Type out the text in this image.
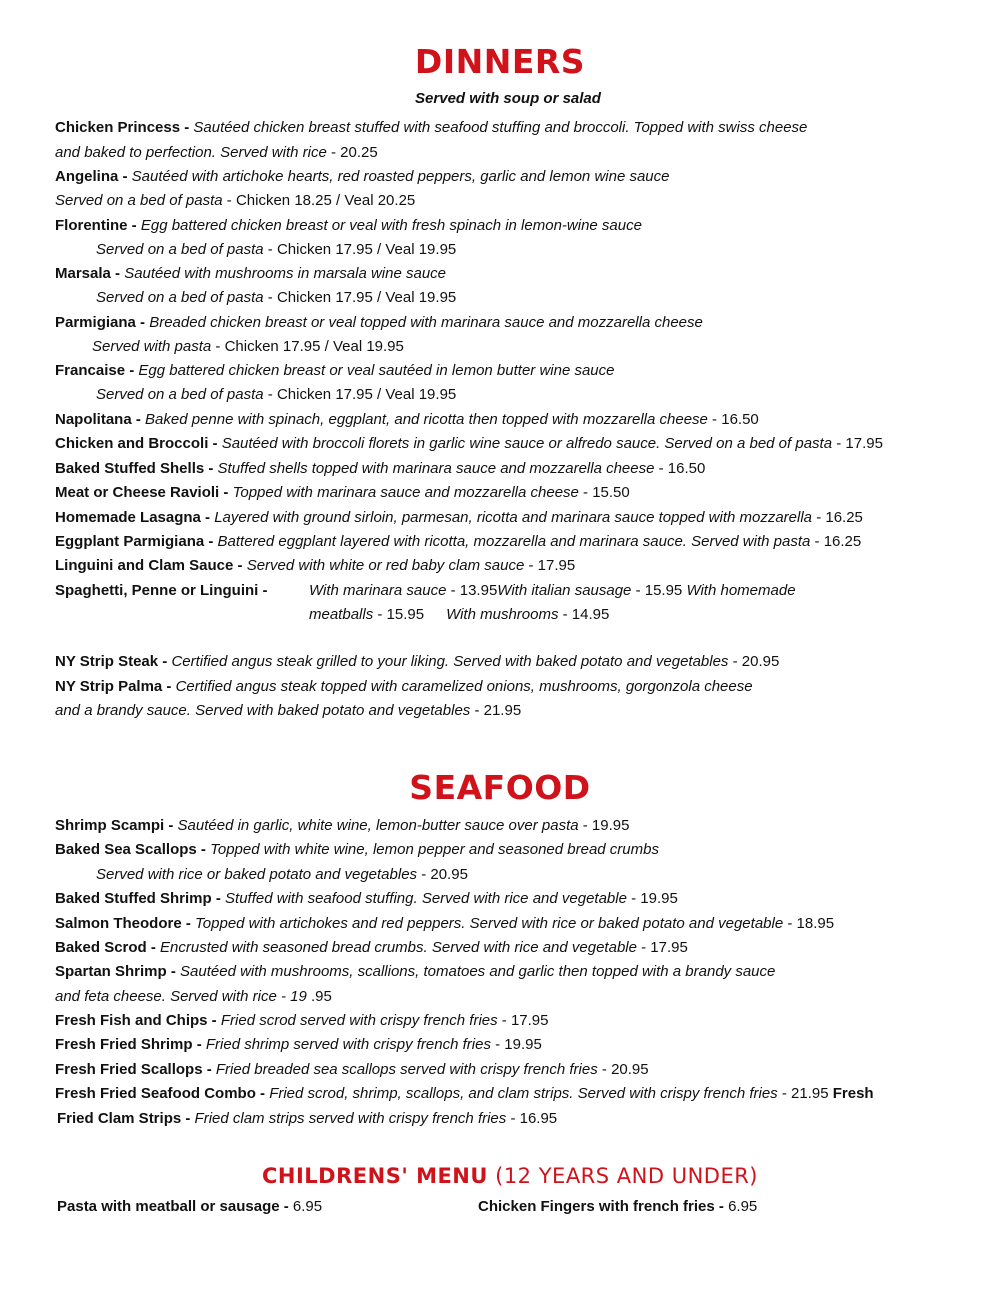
DINNERS
Served with soup or salad
Chicken Princess - Sautéed chicken breast stuffed with seafood stuffing and broccoli. Topped with swiss cheese
and baked to perfection. Served with rice - 20.25
Angelina - Sautéed with artichoke hearts, red roasted peppers, garlic and lemon wine sauce
Served on a bed of pasta - Chicken 18.25 / Veal 20.25
Florentine - Egg battered chicken breast or veal with fresh spinach in lemon-wine sauce
Served on a bed of pasta - Chicken 17.95 / Veal 19.95
Marsala - Sautéed with mushrooms in marsala wine sauce
Served on a bed of pasta - Chicken 17.95 / Veal 19.95
Parmigiana - Breaded chicken breast or veal topped with marinara sauce and mozzarella cheese
Served with pasta - Chicken 17.95 / Veal 19.95
Francaise - Egg battered chicken breast or veal sautéed in lemon butter wine sauce
Served on a bed of pasta - Chicken 17.95 / Veal 19.95
Napolitana - Baked penne with spinach, eggplant, and ricotta then topped with mozzarella cheese - 16.50
Chicken and Broccoli - Sautéed with broccoli florets in garlic wine sauce or alfredo sauce. Served on a bed of pasta - 17.95
Baked Stuffed Shells - Stuffed shells topped with marinara sauce and mozzarella cheese - 16.50
Meat or Cheese Ravioli - Topped with marinara sauce and mozzarella cheese - 15.50
Homemade Lasagna - Layered with ground sirloin, parmesan, ricotta and marinara sauce topped with mozzarella - 16.25
Eggplant Parmigiana - Battered eggplant layered with ricotta, mozzarella and marinara sauce. Served with pasta - 16.25
Linguini and Clam Sauce - Served with white or red baby clam sauce - 17.95
Spaghetti, Penne or Linguini -	With marinara sauce - 13.95With italian sausage - 15.95 With homemade
meatballs - 15.95 With mushrooms - 14.95
NY Strip Steak - Certified angus steak grilled to your liking. Served with baked potato and vegetables - 20.95
NY Strip Palma - Certified angus steak topped with caramelized onions, mushrooms, gorgonzola cheese
and a brandy sauce. Served with baked potato and vegetables - 21.95
SEAFOOD
Shrimp Scampi - Sautéed in garlic, white wine, lemon-butter sauce over pasta - 19.95
Baked Sea Scallops - Topped with white wine, lemon pepper and seasoned bread crumbs
Served with rice or baked potato and vegetables - 20.95
Baked Stuffed Shrimp - Stuffed with seafood stuffing. Served with rice and vegetable - 19.95
Salmon Theodore - Topped with artichokes and red peppers. Served with rice or baked potato and vegetable - 18.95
Baked Scrod - Encrusted with seasoned bread crumbs. Served with rice and vegetable - 17.95
Spartan Shrimp - Sautéed with mushrooms, scallions, tomatoes and garlic then topped with a brandy sauce
and feta cheese. Served with rice - 19 .95
Fresh Fish and Chips - Fried scrod served with crispy french fries - 17.95
Fresh Fried Shrimp - Fried shrimp served with crispy french fries - 19.95
Fresh Fried Scallops - Fried breaded sea scallops served with crispy french fries - 20.95
Fresh Fried Seafood Combo - Fried scrod, shrimp, scallops, and clam strips. Served with crispy french fries - 21.95 Fresh
Fried Clam Strips - Fried clam strips served with crispy french fries - 16.95
CHILDRENS' MENU (12 YEARS AND UNDER)
Pasta with meatball or sausage - 6.95	Chicken Fingers with french fries - 6.95
